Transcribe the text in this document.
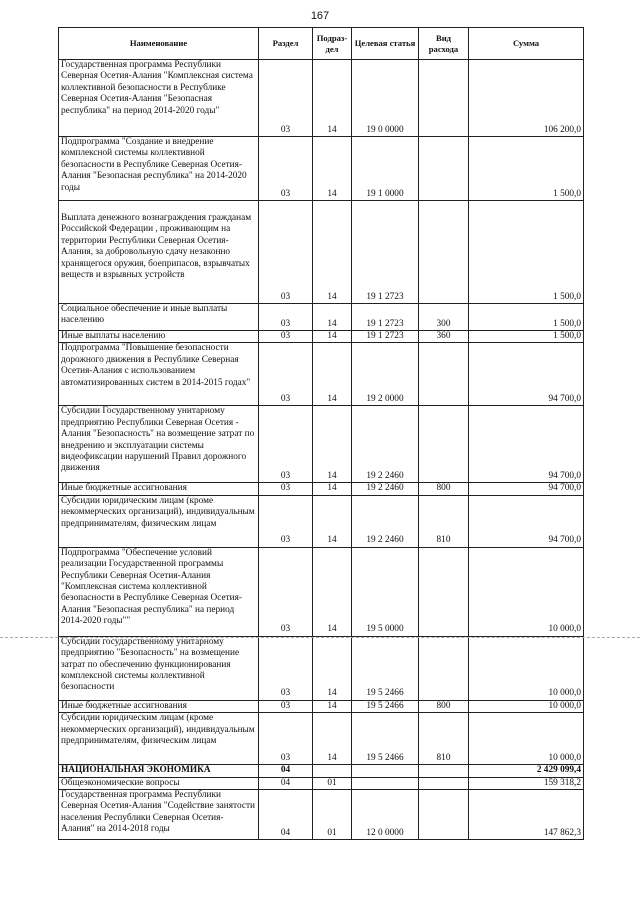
167
Наименование	Раздел	Подраз-дел	Целевая статья	Вид расхода	Сумма
Государственная программа Республики Северная Осетия-Алания "Комплексная система коллективной безопасности в Республике Северная Осетия-Алания "Безопасная республика" на период 2014-2020 годы"	03	14	19 0 0000		106 200,0
Подпрограмма "Создание и внедрение комплексной системы коллективной безопасности в Республике Северная Осетия-Алания "Безопасная республика" на 2014-2020 годы	03	14	19 1 0000		1 500,0
Выплата денежного вознаграждения гражданам Российской Федерации , проживающим на территории Республики Северная Осетия-Алания, за добровольную сдачу незаконно хранящегося оружия, боеприпасов, взрывчатых веществ и взрывных устройств	03	14	19 1 2723		1 500,0
Социальное обеспечение и иные выплаты населению	03	14	19 1 2723	300	1 500,0
Иные выплаты населению	03	14	19 1 2723	360	1 500,0
Подпрограмма "Повышение безопасности дорожного движения в Республике Северная Осетия-Алания с использованием автоматизированных систем в 2014-2015 годах"	03	14	19 2 0000		94 700,0
Субсидии Государственному унитарному предприятию Республики Северная Осетия - Алания "Безопасность" на возмещение затрат по внедрению и эксплуатации системы видеофиксации нарушений Правил дорожного движения	03	14	19 2 2460		94 700,0
Иные бюджетные ассигнования	03	14	19 2 2460	800	94 700,0
Субсидии юридическим лицам (кроме некоммерческих организаций), индивидуальным предпринимателям, физическим лицам	03	14	19 2 2460	810	94 700,0
Подпрограмма "Обеспечение условий реализации Государственной программы Республики Северная Осетия-Алания "Комплексная система коллективной безопасности в Республике Северная Осетия-Алания "Безопасная республика" на период 2014-2020 годы""	03	14	19 5 0000		10 000,0
Субсидии государственному унитарному предприятию "Безопасность" на возмещение затрат по обеспечению функционирования комплексной системы коллективной безопасности	03	14	19 5 2466		10 000,0
Иные бюджетные ассигнования	03	14	19 5 2466	800	10 000,0
Субсидии юридическим лицам (кроме некоммерческих организаций), индивидуальным предпринимателям, физическим лицам	03	14	19 5 2466	810	10 000,0
НАЦИОНАЛЬНАЯ ЭКОНОМИКА	04				2 429 099,4
Общеэкономические вопросы	04	01			159 318,2
Государственная программа Республики Северная Осетия-Алания "Содействие занятости населения Республики Северная Осетия-Алания" на 2014-2018 годы	04	01	12 0 0000		147 862,3
